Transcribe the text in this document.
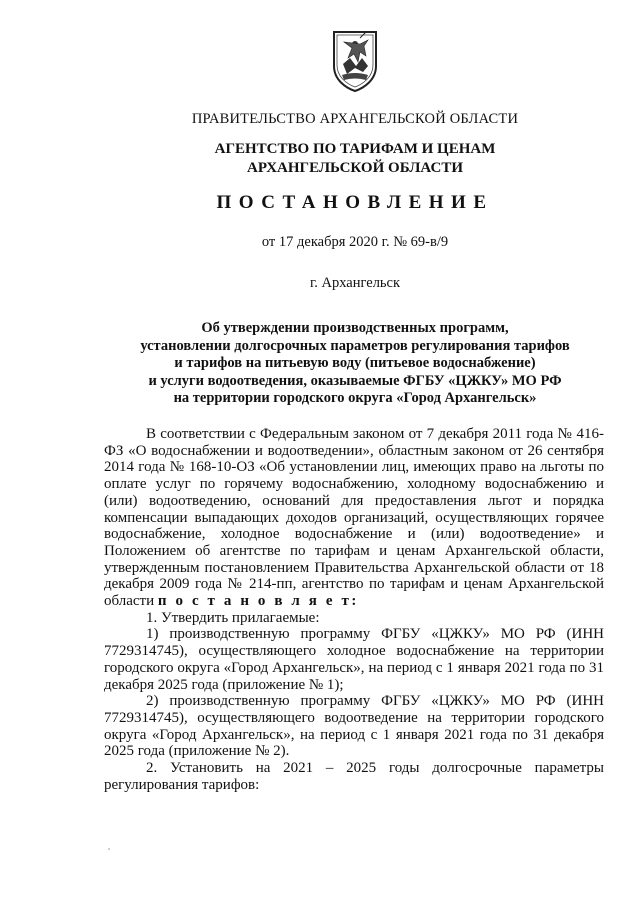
ПРАВИТЕЛЬСТВО АРХАНГЕЛЬСКОЙ ОБЛАСТИ
АГЕНТСТВО ПО ТАРИФАМ И ЦЕНАМ
АРХАНГЕЛЬСКОЙ ОБЛАСТИ
ПОСТАНОВЛЕНИЕ
от 17 декабря 2020 г. № 69-в/9
г. Архангельск
Об утверждении производственных программ,
установлении долгосрочных параметров регулирования тарифов
и тарифов на питьевую воду (питьевое водоснабжение)
и услуги водоотведения, оказываемые ФГБУ «ЦЖКУ» МО РФ
на территории городского округа «Город Архангельск»

В соответствии с Федеральным законом от 7 декабря 2011 года № 416-ФЗ «О водоснабжении и водоотведении», областным законом от 26 сентября 2014 года № 168-10-ОЗ «Об установлении лиц, имеющих право на льготы по оплате услуг по горячему водоснабжению, холодному водоснабжению и (или) водоотведению, оснований для предоставления льгот и порядка компенсации выпадающих доходов организаций, осуществляющих горячее водоснабжение, холодное водоснабжение и (или) водоотведение» и Положением об агентстве по тарифам и ценам Архангельской области, утвержденным постановлением Правительства Архангельской области от 18 декабря 2009 года № 214-пп, агентство по тарифам и ценам Архангельской области п о с т а н о в л я е т:

1. Утвердить прилагаемые:

1) производственную программу ФГБУ «ЦЖКУ» МО РФ (ИНН 7729314745), осуществляющего холодное водоснабжение на территории городского округа «Город Архангельск», на период с 1 января 2021 года по 31 декабря 2025 года (приложение № 1);

2) производственную программу ФГБУ «ЦЖКУ» МО РФ (ИНН 7729314745), осуществляющего водоотведение на территории городского округа «Город Архангельск», на период с 1 января 2021 года по 31 декабря 2025 года (приложение № 2).

2. Установить на 2021 – 2025 годы долгосрочные параметры регулирования тарифов:
